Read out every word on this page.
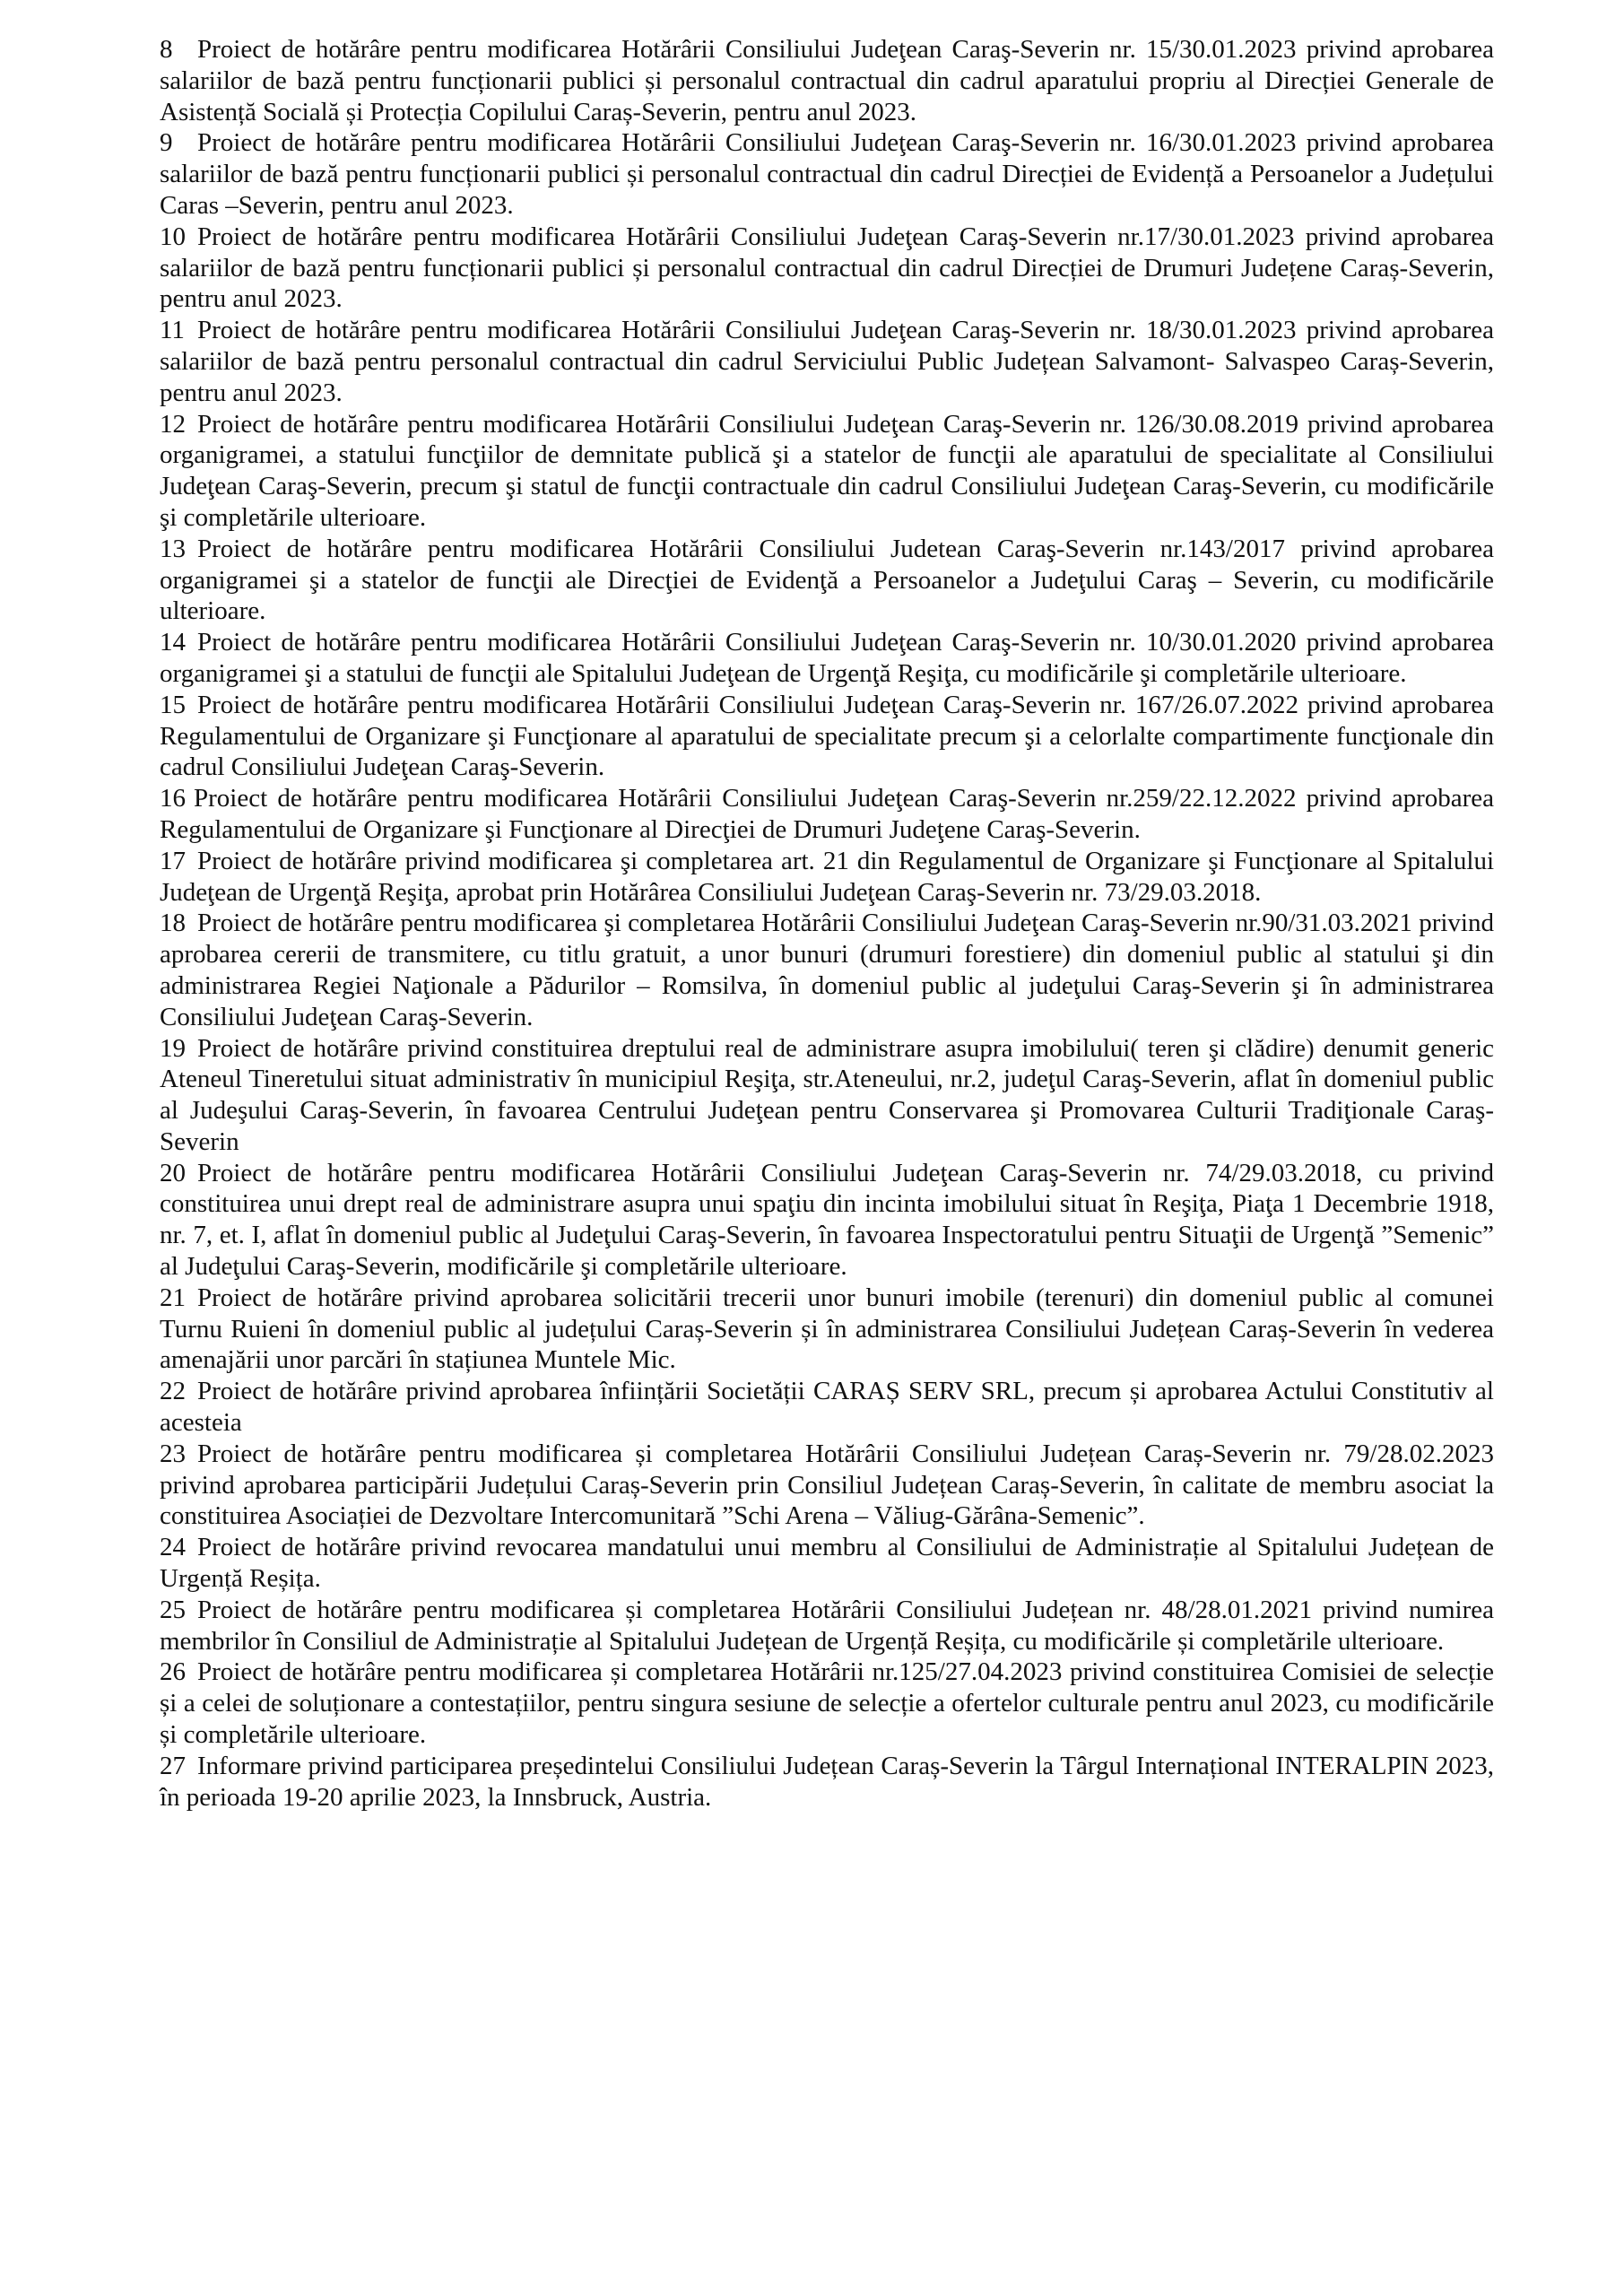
8 Proiect de hotărâre pentru modificarea Hotărârii Consiliului Judeţean Caraş-Severin nr. 15/30.01.2023 privind aprobarea salariilor de bază pentru funcționarii publici și personalul contractual din cadrul aparatului propriu al Direcției Generale de Asistență Socială și Protecția Copilului Caraș-Severin, pentru anul 2023.

9 Proiect de hotărâre pentru modificarea Hotărârii Consiliului Judeţean Caraş-Severin nr. 16/30.01.2023 privind aprobarea salariilor de bază pentru funcționarii publici și personalul contractual din cadrul Direcției de Evidență a Persoanelor a Județului Caras –Severin, pentru anul 2023.

10 Proiect de hotărâre pentru modificarea Hotărârii Consiliului Judeţean Caraş-Severin nr.17/30.01.2023 privind aprobarea salariilor de bază pentru funcționarii publici și personalul contractual din cadrul Direcției de Drumuri Județene Caraș-Severin, pentru anul 2023.

11 Proiect de hotărâre pentru modificarea Hotărârii Consiliului Judeţean Caraş-Severin nr. 18/30.01.2023 privind aprobarea salariilor de bază pentru personalul contractual din cadrul Serviciului Public Județean Salvamont- Salvaspeo Caraș-Severin, pentru anul 2023.

12 Proiect de hotărâre pentru modificarea Hotărârii Consiliului Judeţean Caraş-Severin nr. 126/30.08.2019 privind aprobarea organigramei, a statului funcţiilor de demnitate publică şi a statelor de funcţii ale aparatului de specialitate al Consiliului Judeţean Caraş-Severin, precum şi statul de funcţii contractuale din cadrul Consiliului Judeţean Caraş-Severin, cu modificările şi completările ulterioare.

13 Proiect de hotărâre pentru modificarea Hotărârii Consiliului Judetean Caraş-Severin nr.143/2017 privind aprobarea organigramei şi a statelor de funcţii ale Direcţiei de Evidenţă a Persoanelor a Judeţului Caraş – Severin, cu modificările ulterioare.

14 Proiect de hotărâre pentru modificarea Hotărârii Consiliului Judeţean Caraş-Severin nr. 10/30.01.2020 privind aprobarea organigramei şi a statului de funcţii ale Spitalului Judeţean de Urgenţă Reşiţa, cu modificările şi completările ulterioare.

15 Proiect de hotărâre pentru modificarea Hotărârii Consiliului Judeţean Caraş-Severin nr. 167/26.07.2022 privind aprobarea Regulamentului de Organizare şi Funcţionare al aparatului de specialitate precum şi a celorlalte compartimente funcţionale din cadrul Consiliului Judeţean Caraş-Severin.

16 Proiect de hotărâre pentru modificarea Hotărârii Consiliului Judeţean Caraş-Severin nr.259/22.12.2022 privind aprobarea Regulamentului de Organizare şi Funcţionare al Direcţiei de Drumuri Judeţene Caraş-Severin.

17 Proiect de hotărâre privind modificarea şi completarea art. 21 din Regulamentul de Organizare şi Funcţionare al Spitalului Judeţean de Urgenţă Reşiţa, aprobat prin Hotărârea Consiliului Judeţean Caraş-Severin nr. 73/29.03.2018.

18 Proiect de hotărâre pentru modificarea şi completarea Hotărârii Consiliului Judeţean Caraş-Severin nr.90/31.03.2021 privind aprobarea cererii de transmitere, cu titlu gratuit, a unor bunuri (drumuri forestiere) din domeniul public al statului şi din administrarea Regiei Naţionale a Pădurilor – Romsilva, în domeniul public al judeţului Caraş-Severin şi în administrarea Consiliului Judeţean Caraş-Severin.

19 Proiect de hotărâre privind constituirea dreptului real de administrare asupra imobilului( teren şi clădire) denumit generic Ateneul Tineretului situat administrativ în municipiul Reşiţa, str.Ateneului, nr.2, judeţul Caraş-Severin, aflat în domeniul public al Judeşului Caraş-Severin, în favoarea Centrului Judeţean pentru Conservarea şi Promovarea Culturii Tradiţionale Caraş-Severin

20 Proiect de hotărâre pentru modificarea Hotărârii Consiliului Judeţean Caraş-Severin nr. 74/29.03.2018, cu privind constituirea unui drept real de administrare asupra unui spaţiu din incinta imobilului situat în Reşiţa, Piaţa 1 Decembrie 1918, nr. 7, et. I, aflat în domeniul public al Judeţului Caraş-Severin, în favoarea Inspectoratului pentru Situaţii de Urgenţă ”Semenic” al Judeţului Caraş-Severin, modificările şi completările ulterioare.

21 Proiect de hotărâre privind aprobarea solicitării trecerii unor bunuri imobile (terenuri) din domeniul public al comunei Turnu Ruieni în domeniul public al județului Caraș-Severin și în administrarea Consiliului Județean Caraș-Severin în vederea amenajării unor parcări în stațiunea Muntele Mic.

22 Proiect de hotărâre privind aprobarea înființării Societății CARAȘ SERV SRL, precum și aprobarea Actului Constitutiv al acesteia

23 Proiect de hotărâre pentru modificarea și completarea Hotărârii Consiliului Județean Caraș-Severin nr. 79/28.02.2023 privind aprobarea participării Județului Caraș-Severin prin Consiliul Județean Caraș-Severin, în calitate de membru asociat la constituirea Asociației de Dezvoltare Intercomunitară ”Schi Arena – Văliug-Gărâna-Semenic”.

24 Proiect de hotărâre privind revocarea mandatului unui membru al Consiliului de Administrație al Spitalului Județean de Urgență Reșița.

25 Proiect de hotărâre pentru modificarea și completarea Hotărârii Consiliului Județean nr. 48/28.01.2021 privind numirea membrilor în Consiliul de Administrație al Spitalului Județean de Urgență Reșița, cu modificările și completările ulterioare.

26 Proiect de hotărâre pentru modificarea și completarea Hotărârii nr.125/27.04.2023 privind constituirea Comisiei de selecție și a celei de soluționare a contestațiilor, pentru singura sesiune de selecție a ofertelor culturale pentru anul 2023, cu modificările și completările ulterioare.

27 Informare privind participarea președintelui Consiliului Județean Caraș-Severin la Târgul Internațional INTERALPIN 2023, în perioada 19-20 aprilie 2023, la Innsbruck, Austria.
